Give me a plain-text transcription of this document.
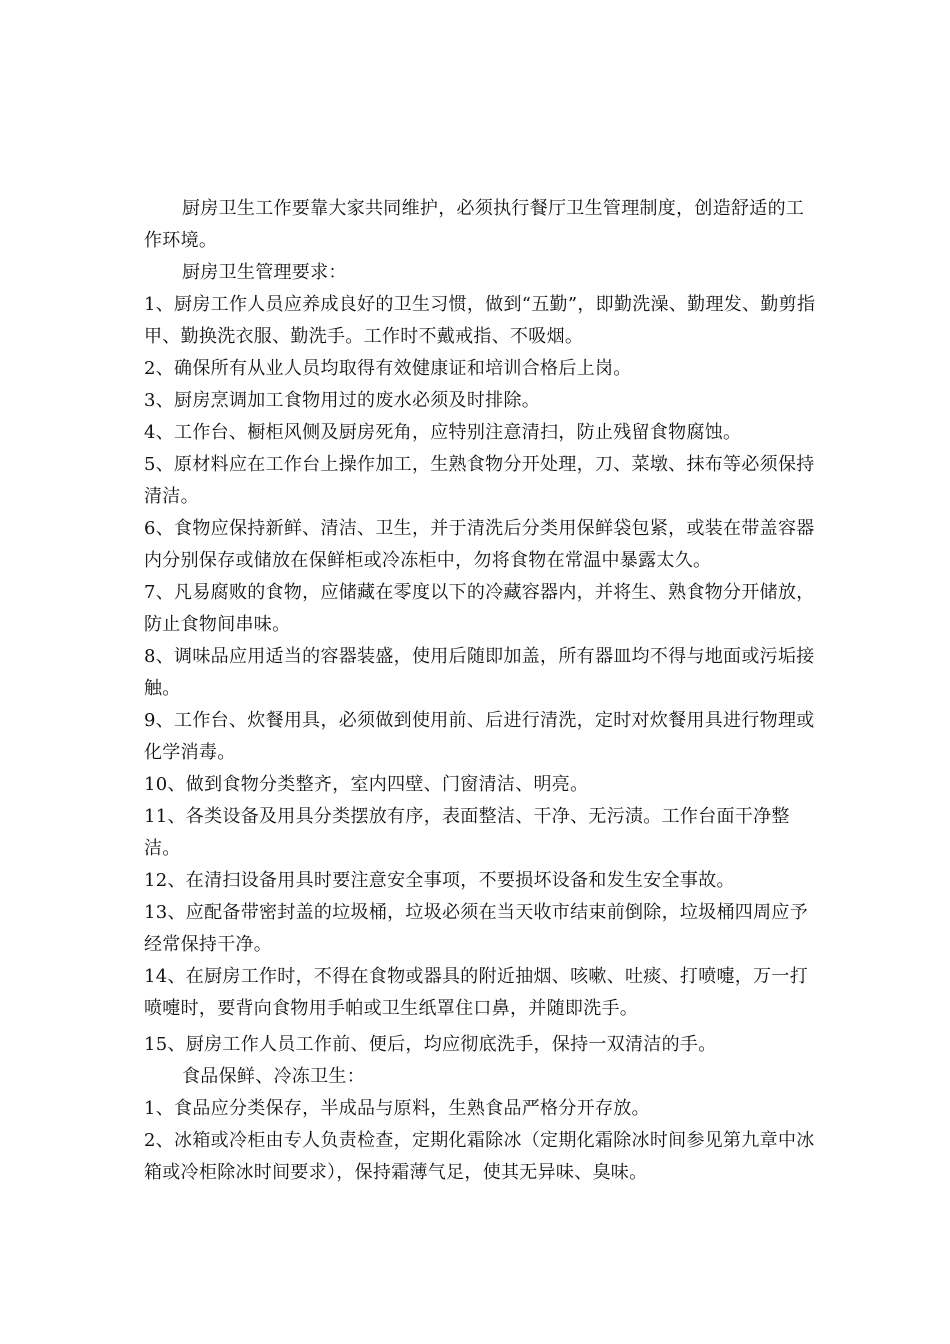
厨房卫生工作要靠大家共同维护，必须执行餐厅卫生管理制度，创造舒适的工作环境。

厨房卫生管理要求：

1、厨房工作人员应养成良好的卫生习惯，做到“五勤”，即勤洗澡、勤理发、勤剪指甲、勤换洗衣服、勤洗手。工作时不戴戒指、不吸烟。

2、确保所有从业人员均取得有效健康证和培训合格后上岗。

3、厨房烹调加工食物用过的废水必须及时排除。

4、工作台、橱柜风侧及厨房死角，应特别注意清扫，防止残留食物腐蚀。

5、原材料应在工作台上操作加工，生熟食物分开处理，刀、菜墩、抹布等必须保持清洁。

6、食物应保持新鲜、清洁、卫生，并于清洗后分类用保鲜袋包紧，或装在带盖容器内分别保存或储放在保鲜柜或冷冻柜中，勿将食物在常温中暴露太久。

7、凡易腐败的食物，应储藏在零度以下的冷藏容器内，并将生、熟食物分开储放，防止食物间串味。

8、调味品应用适当的容器装盛，使用后随即加盖，所有器皿均不得与地面或污垢接触。

9、工作台、炊餐用具，必须做到使用前、后进行清洗，定时对炊餐用具进行物理或化学消毒。

10、做到食物分类整齐，室内四壁、门窗清洁、明亮。

11、各类设备及用具分类摆放有序，表面整洁、干净、无污渍。工作台面干净整洁。

12、在清扫设备用具时要注意安全事项，不要损坏设备和发生安全事故。

13、应配备带密封盖的垃圾桶，垃圾必须在当天收市结束前倒除，垃圾桶四周应予经常保持干净。

14、在厨房工作时，不得在食物或器具的附近抽烟、咳嗽、吐痰、打喷嚏，万一打喷嚏时，要背向食物用手帕或卫生纸罩住口鼻，并随即洗手。

15、厨房工作人员工作前、便后，均应彻底洗手，保持一双清洁的手。

食品保鲜、冷冻卫生：

1、食品应分类保存，半成品与原料，生熟食品严格分开存放。

2、冰箱或冷柜由专人负责检查，定期化霜除冰（定期化霜除冰时间参见第九章中冰箱或冷柜除冰时间要求），保持霜薄气足，使其无异味、臭味。
